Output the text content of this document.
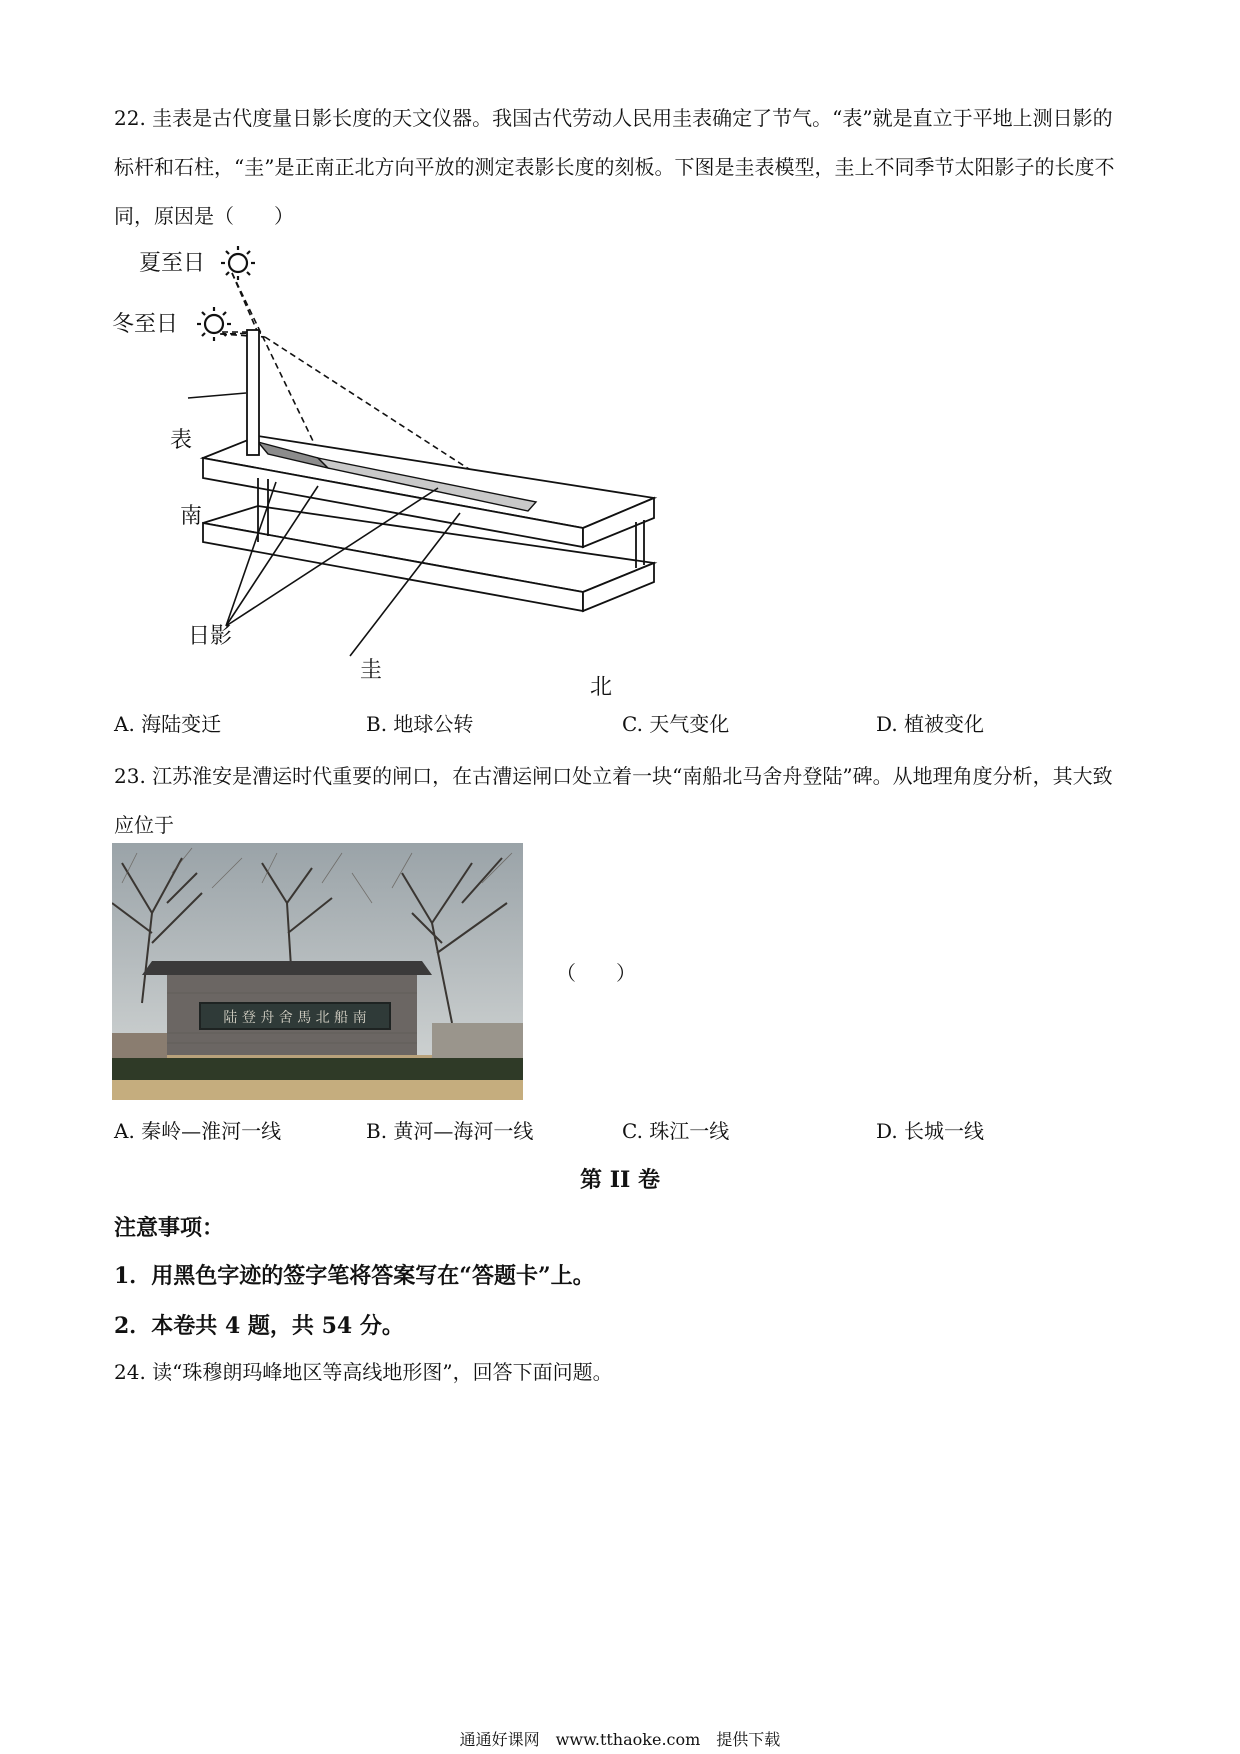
22. 圭表是古代度量日影长度的天文仪器。我国古代劳动人民用圭表确定了节气。“表”就是直立于平地上测日影的标杆和石柱，“圭”是正南正北方向平放的测定表影长度的刻板。下图是圭表模型，圭上不同季节太阳影子的长度不同，原因是（　　）
夏至日
冬至日
表
南
日影
圭
北
A. 海陆变迁	B. 地球公转	C. 天气变化	D. 植被变化
23. 江苏淮安是漕运时代重要的闸口，在古漕运闸口处立着一块“南船北马舍舟登陆”碑。从地理角度分析，其大致应位于
陆 登 舟 舍 馬 北 船 南
（　　）
A. 秦岭—淮河一线	B. 黄河—海河一线	C. 珠江一线	D. 长城一线
第 II 卷
注意事项：
1．用黑色字迹的签字笔将答案写在“答题卡”上。
2．本卷共 4 题，共 54 分。
24. 读“珠穆朗玛峰地区等高线地形图”，回答下面问题。
通通好课网　www.tthaoke.com　提供下载
